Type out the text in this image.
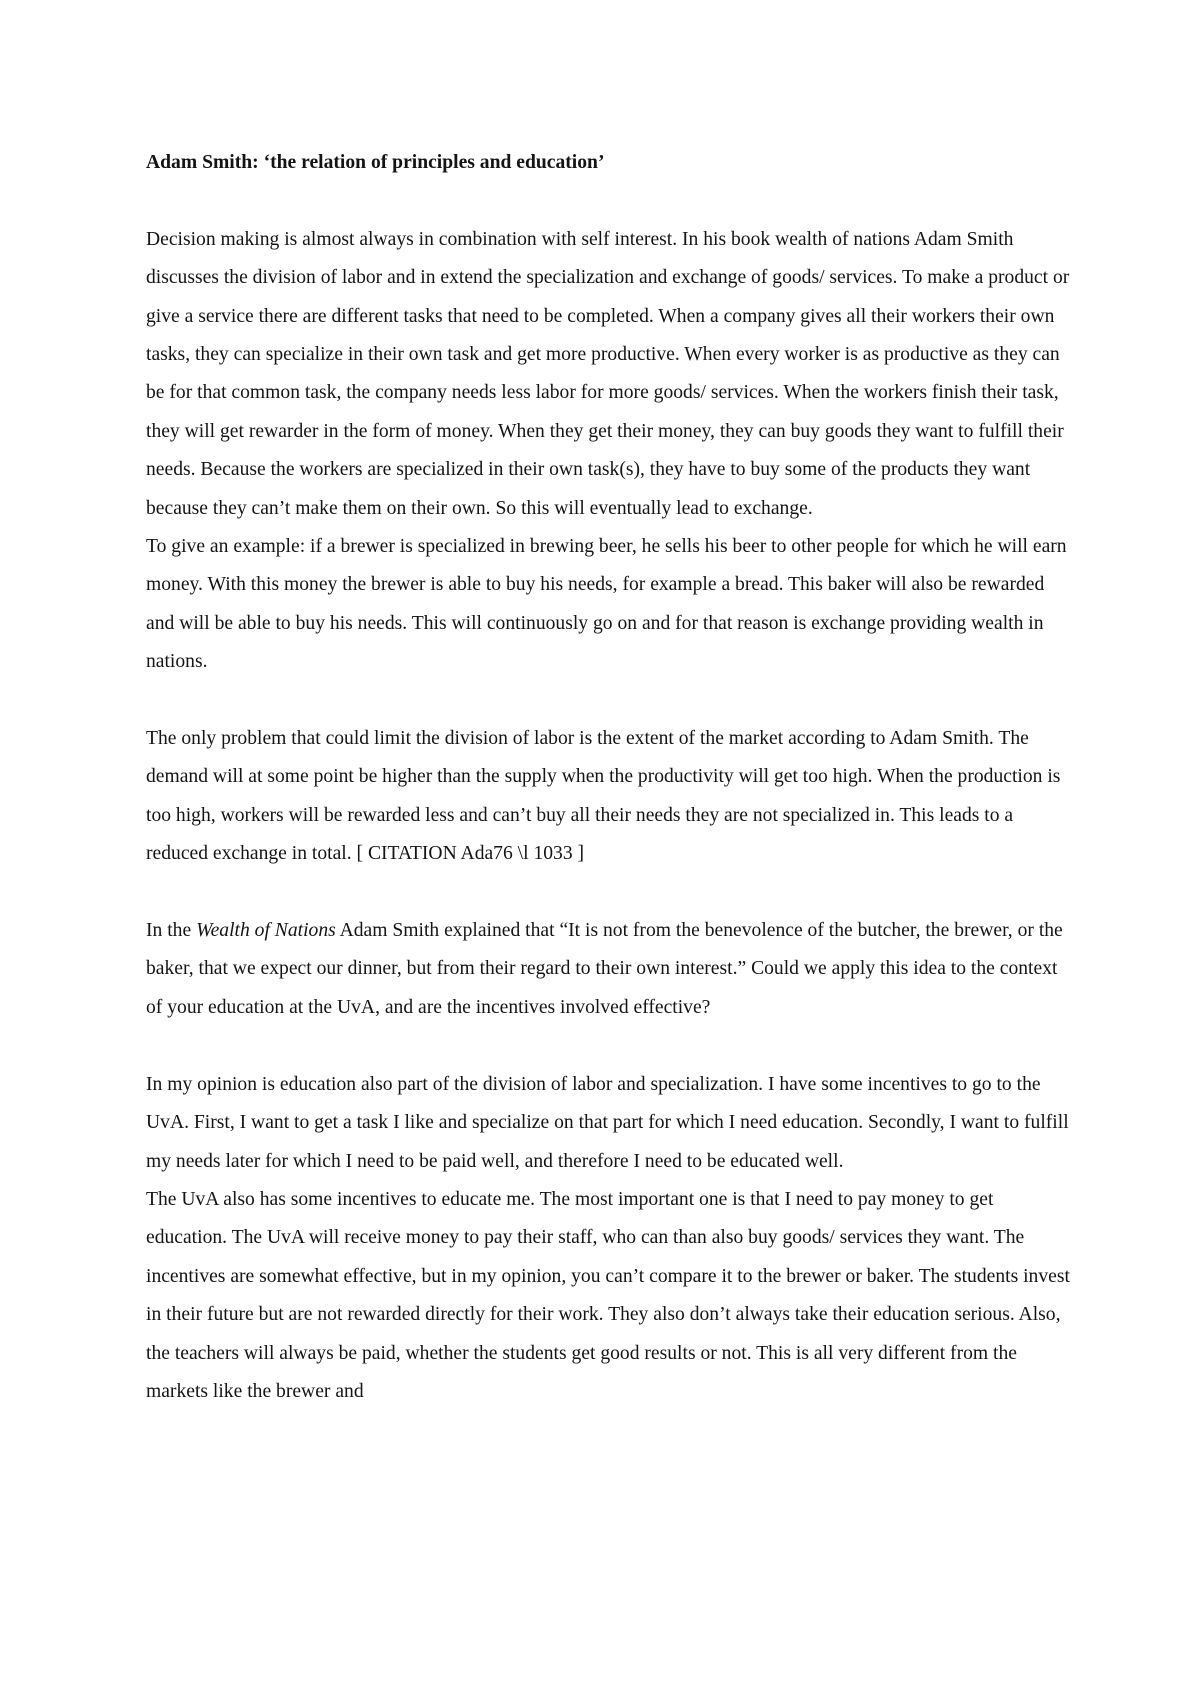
Adam Smith: ‘the relation of principles and education’

Decision making is almost always in combination with self interest. In his book wealth of nations Adam Smith discusses the division of labor and in extend the specialization and exchange of goods/ services. To make a product or give a service there are different tasks that need to be completed. When a company gives all their workers their own tasks, they can specialize in their own task and get more productive. When every worker is as productive as they can be for that common task, the company needs less labor for more goods/ services. When the workers finish their task, they will get rewarder in the form of money. When they get their money, they can buy goods they want to fulfill their needs. Because the workers are specialized in their own task(s), they have to buy some of the products they want because they can’t make them on their own. So this will eventually lead to exchange.

To give an example: if a brewer is specialized in brewing beer, he sells his beer to other people for which he will earn money. With this money the brewer is able to buy his needs, for example a bread. This baker will also be rewarded and will be able to buy his needs. This will continuously go on and for that reason is exchange providing wealth in nations.

The only problem that could limit the division of labor is the extent of the market according to Adam Smith. The demand will at some point be higher than the supply when the productivity will get too high. When the production is too high, workers will be rewarded less and can’t buy all their needs they are not specialized in. This leads to a reduced exchange in total. [ CITATION Ada76 \l 1033 ]

In the Wealth of Nations Adam Smith explained that “It is not from the benevolence of the butcher, the brewer, or the baker, that we expect our dinner, but from their regard to their own interest.” Could we apply this idea to the context of your education at the UvA, and are the incentives involved effective?

In my opinion is education also part of the division of labor and specialization. I have some incentives to go to the UvA. First, I want to get a task I like and specialize on that part for which I need education. Secondly, I want to fulfill my needs later for which I need to be paid well, and therefore I need to be educated well.

The UvA also has some incentives to educate me. The most important one is that I need to pay money to get education. The UvA will receive money to pay their staff, who can than also buy goods/ services they want. The incentives are somewhat effective, but in my opinion, you can’t compare it to the brewer or baker. The students invest in their future but are not rewarded directly for their work. They also don’t always take their education serious. Also, the teachers will always be paid, whether the students get good results or not. This is all very different from the markets like the brewer and
